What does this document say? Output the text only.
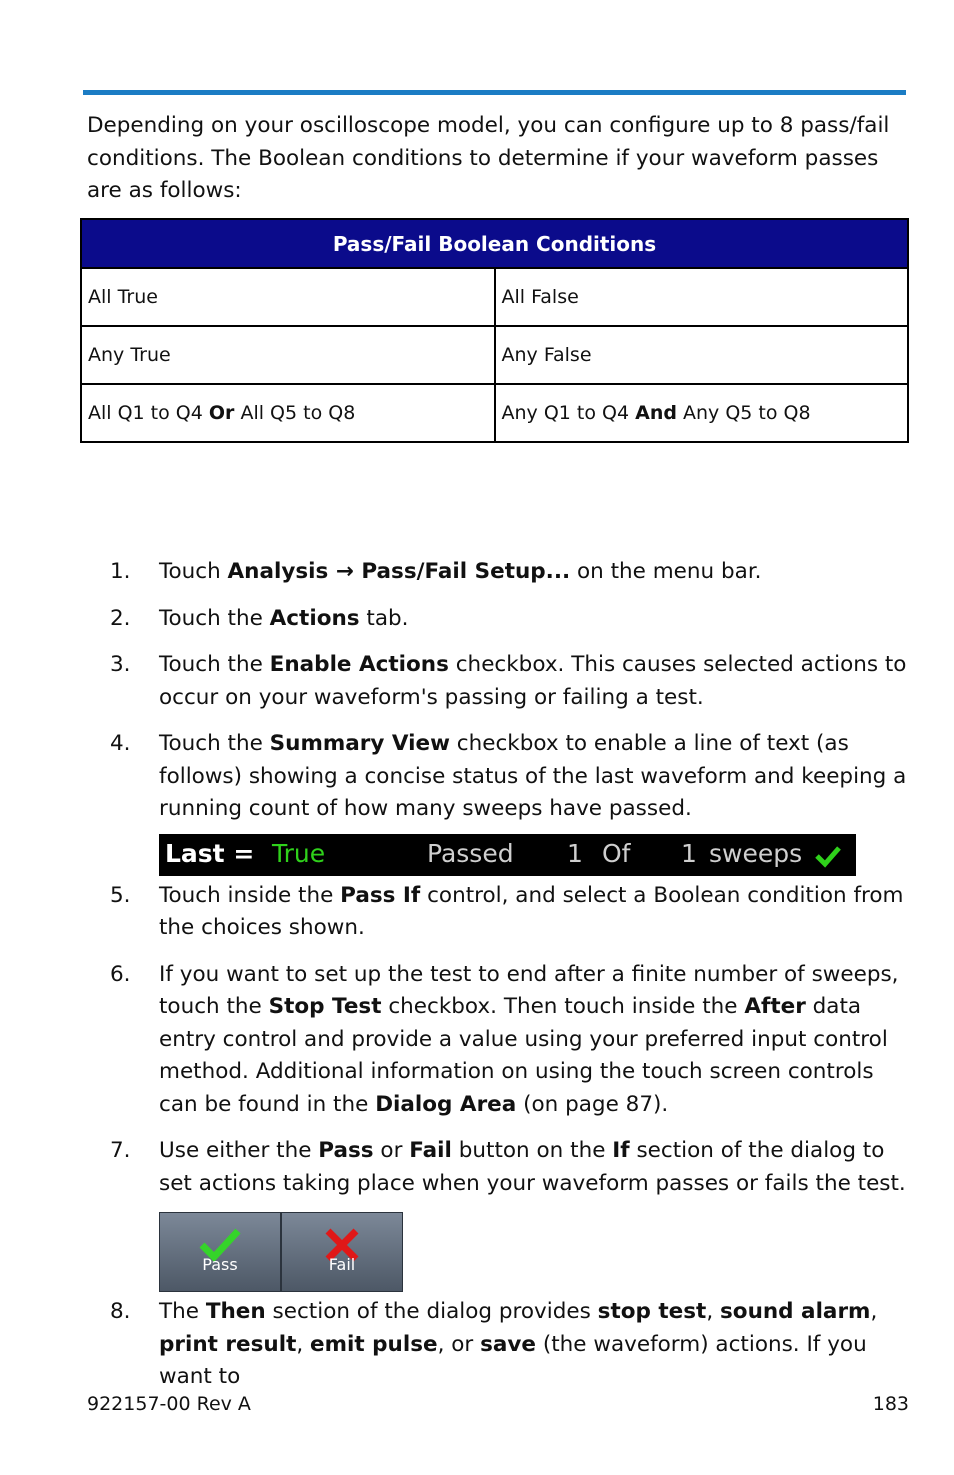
Depending on your oscilloscope model, you can configure up to 8 pass/fail conditions. The Boolean conditions to determine if your waveform passes are as follows:

Pass/Fail Boolean Conditions	
All True	All False
Any True	Any False
All Q1 to Q4 Or All Q5 to Q8	Any Q1 to Q4 And Any Q5 to Q8
1.	Touch Analysis → Pass/Fail Setup... on the menu bar.
2.	Touch the Actions tab.
3.	Touch the Enable Actions checkbox. This causes selected actions to occur on your waveform's passing or failing a test.
4.	Touch the Summary View checkbox to enable a line of text (as follows) showing a concise status of the last waveform and keeping a running count of how many sweeps have passed.
Last = True	Passed 1 Of 1 sweeps
5.	Touch inside the Pass If control, and select a Boolean condition from the choices shown.
6.	If you want to set up the test to end after a finite number of sweeps, touch the Stop Test checkbox. Then touch inside the After data entry control and provide a value using your preferred input control method. Additional information on using the touch screen controls can be found in the Dialog Area (on page 87).
7.	Use either the Pass or Fail button on the If section of the dialog to set actions taking place when your waveform passes or fails the test.
Pass	Fail
8.	The Then section of the dialog provides stop test, sound alarm, print result, emit pulse, or save (the waveform) actions. If you want to
922157-00 Rev A	183
